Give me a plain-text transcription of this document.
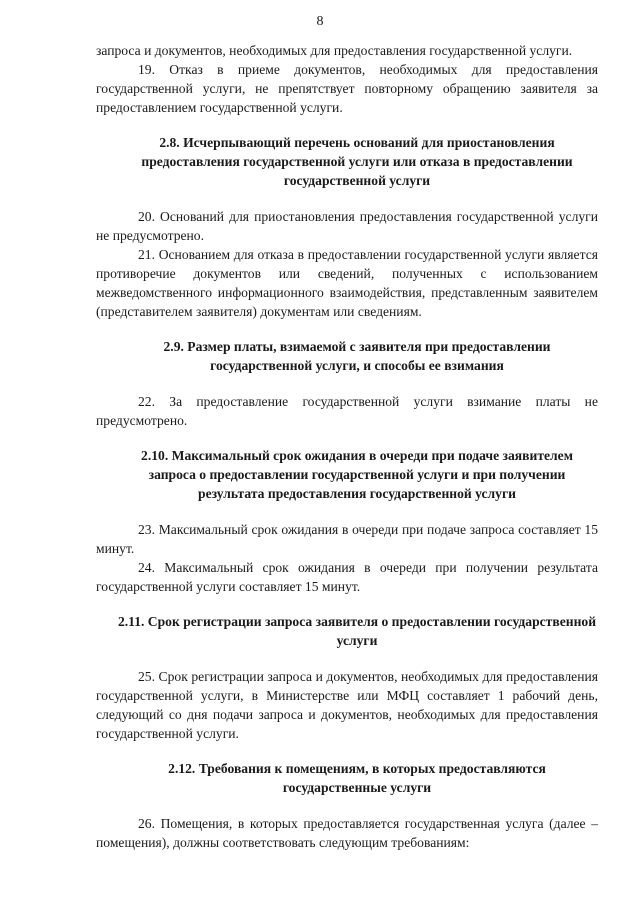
8

запроса и документов, необходимых для предоставления государственной услуги.

19. Отказ в приеме документов, необходимых для предоставления государственной услуги, не препятствует повторному обращению заявителя за предоставлением государственной услуги.

2.8. Исчерпывающий перечень оснований для приостановления предоставления государственной услуги или отказа в предоставлении государственной услуги

20. Оснований для приостановления предоставления государственной услуги не предусмотрено.

21. Основанием для отказа в предоставлении государственной услуги является противоречие документов или сведений, полученных с использованием межведомственного информационного взаимодействия, представленным заявителем (представителем заявителя) документам или сведениям.

2.9. Размер платы, взимаемой с заявителя при предоставлении государственной услуги, и способы ее взимания

22. За предоставление государственной услуги взимание платы не предусмотрено.

2.10. Максимальный срок ожидания в очереди при подаче заявителем запроса о предоставлении государственной услуги и при получении результата предоставления государственной услуги

23. Максимальный срок ожидания в очереди при подаче запроса составляет 15 минут.

24. Максимальный срок ожидания в очереди при получении результата государственной услуги составляет 15 минут.

2.11. Срок регистрации запроса заявителя о предоставлении государственной услуги

25. Срок регистрации запроса и документов, необходимых для предоставления государственной услуги, в Министерстве или МФЦ составляет 1 рабочий день, следующий со дня подачи запроса и документов, необходимых для предоставления государственной услуги.

2.12. Требования к помещениям, в которых предоставляются государственные услуги

26. Помещения, в которых предоставляется государственная услуга (далее – помещения), должны соответствовать следующим требованиям:
